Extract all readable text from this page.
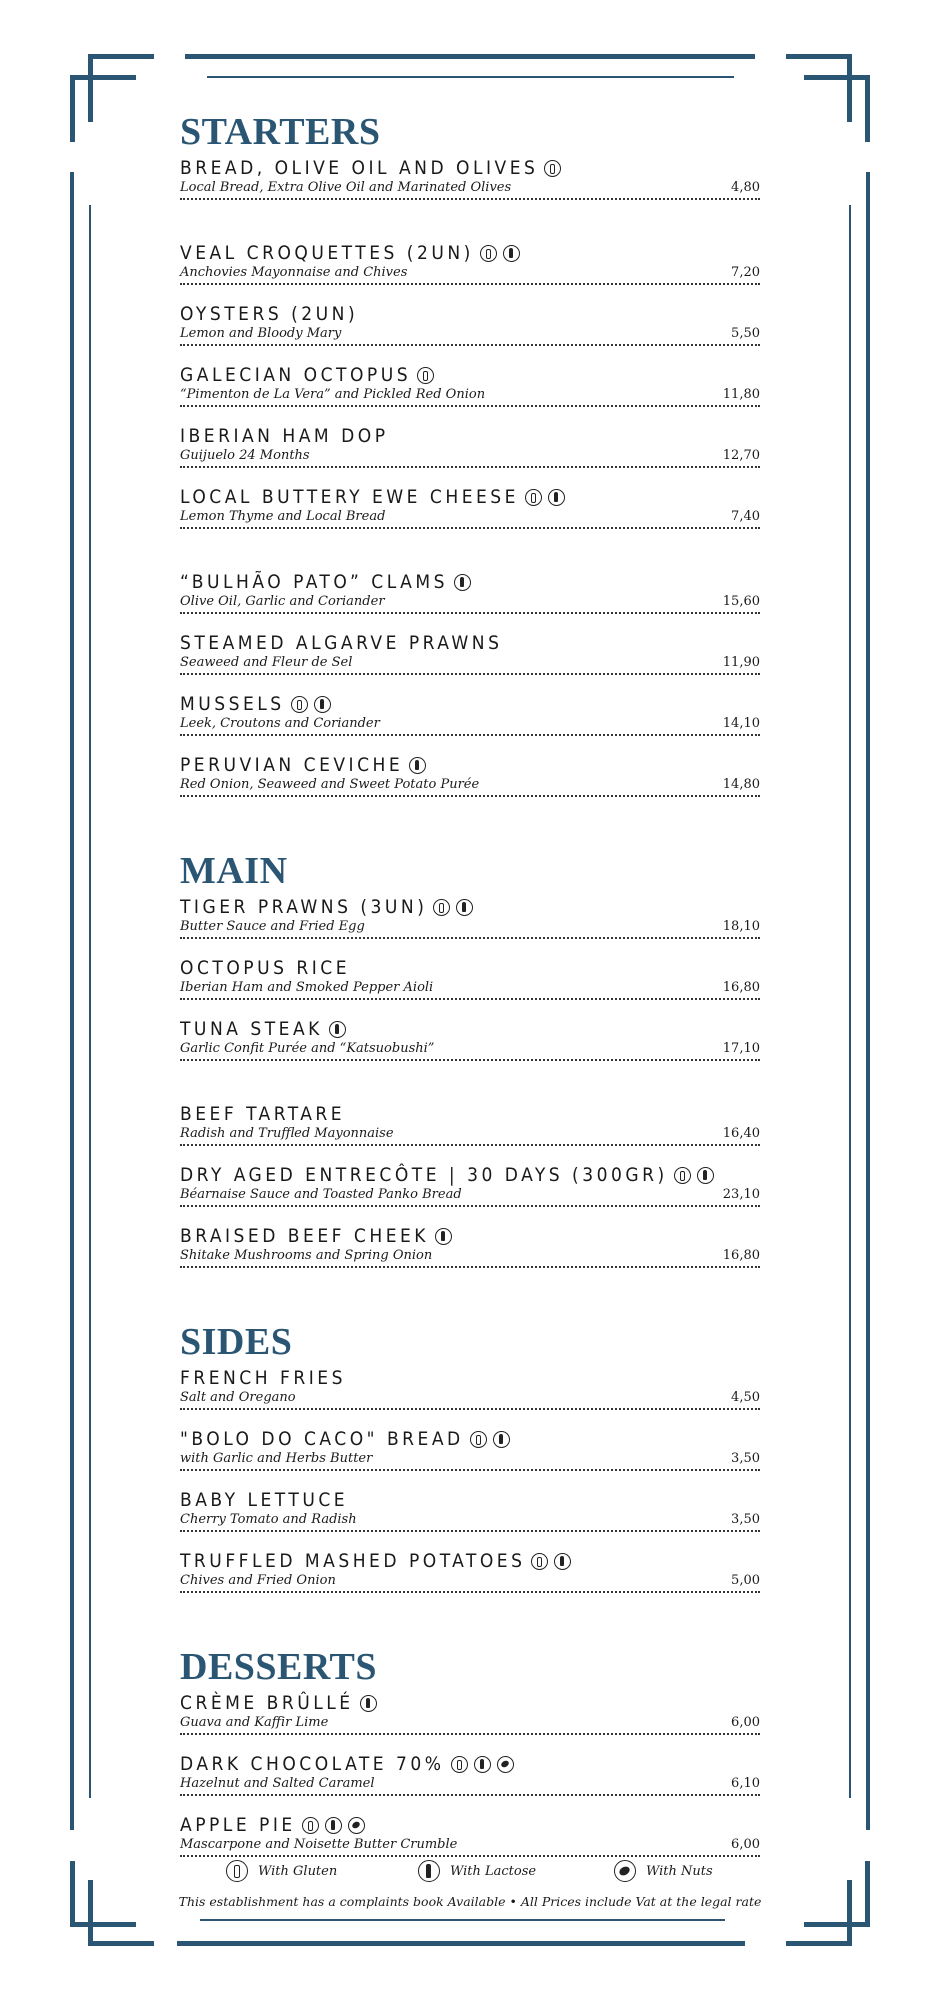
STARTERS
BREAD, OLIVE OIL AND OLIVES
Local Bread, Extra Olive Oil and Marinated Olives	4,80
VEAL CROQUETTES (2UN)
Anchovies Mayonnaise and Chives	7,20
OYSTERS (2UN)
Lemon and Bloody Mary	5,50
GALECIAN OCTOPUS
“Pimenton de La Vera” and Pickled Red Onion	11,80
IBERIAN HAM DOP
Guijuelo 24 Months	12,70
LOCAL BUTTERY EWE CHEESE
Lemon Thyme and Local Bread	7,40
“BULHÃO PATO” CLAMS
Olive Oil, Garlic and Coriander	15,60
STEAMED ALGARVE PRAWNS
Seaweed and Fleur de Sel	11,90
MUSSELS
Leek, Croutons and Coriander	14,10
PERUVIAN CEVICHE
Red Onion, Seaweed and Sweet Potato Purée	14,80
MAIN
TIGER PRAWNS (3UN)
Butter Sauce and Fried Egg	18,10
OCTOPUS RICE
Iberian Ham and Smoked Pepper Aioli	16,80
TUNA STEAK
Garlic Confit Purée and “Katsuobushi”	17,10
BEEF TARTARE
Radish and Truffled Mayonnaise	16,40
DRY AGED ENTRECÔTE | 30 DAYS (300GR)
Béarnaise Sauce and Toasted Panko Bread	23,10
BRAISED BEEF CHEEK
Shitake Mushrooms and Spring Onion	16,80
SIDES
FRENCH FRIES
Salt and Oregano	4,50
"BOLO DO CACO" BREAD
with Garlic and Herbs Butter	3,50
BABY LETTUCE
Cherry Tomato and Radish	3,50
TRUFFLED MASHED POTATOES
Chives and Fried Onion	5,00
DESSERTS
CRÈME BRÛLLÉ
Guava and Kaffir Lime	6,00
DARK CHOCOLATE 70%
Hazelnut and Salted Caramel	6,10
APPLE PIE
Mascarpone and Noisette Butter Crumble	6,00
With Gluten	With Lactose	With Nuts
This establishment has a complaints book Available • All Prices include Vat at the legal rate
